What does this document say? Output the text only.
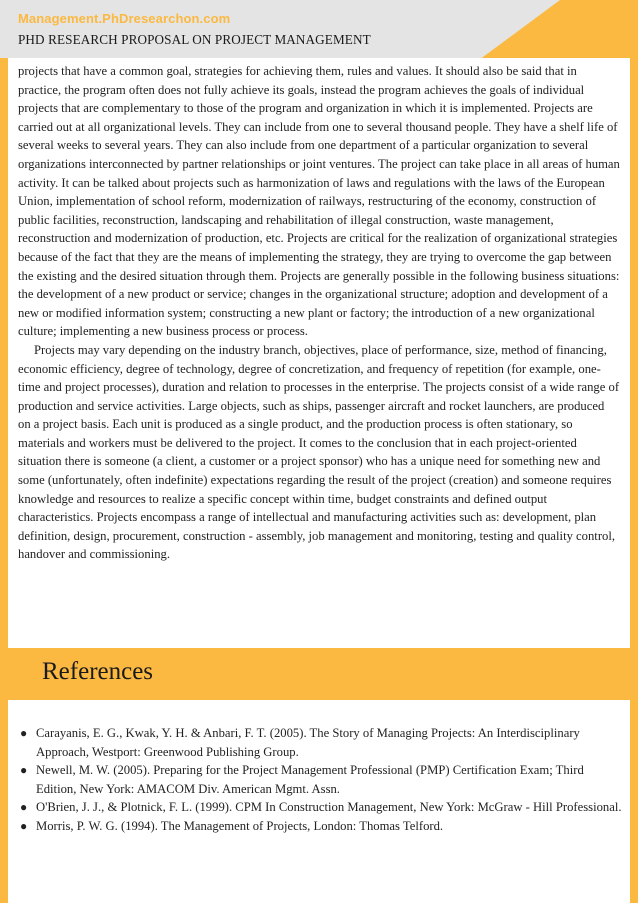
Management.PhDresearchon.com
PHD RESEARCH PROPOSAL ON PROJECT MANAGEMENT

projects that have a common goal, strategies for achieving them, rules and values. It should also be said that in practice, the program often does not fully achieve its goals, instead the program achieves the goals of individual projects that are complementary to those of the program and organization in which it is implemented. Projects are carried out at all organizational levels. They can include from one to several thousand people. They have a shelf life of several weeks to several years. They can also include from one department of a particular organization to several organizations interconnected by partner relationships or joint ventures. The project can take place in all areas of human activity. It can be talked about projects such as harmonization of laws and regulations with the laws of the European Union, implementation of school reform, modernization of railways, restructuring of the economy, construction of public facilities, reconstruction, landscaping and rehabilitation of illegal construction, waste management, reconstruction and modernization of production, etc. Projects are critical for the realization of organizational strategies because of the fact that they are the means of implementing the strategy, they are trying to overcome the gap between the existing and the desired situation through them. Projects are generally possible in the following business situations: the development of a new product or service; changes in the organizational structure; adoption and development of a new or modified information system; constructing a new plant or factory; the introduction of a new organizational culture; implementing a new business process or process.

Projects may vary depending on the industry branch, objectives, place of performance, size, method of financing, economic efficiency, degree of technology, degree of concretization, and frequency of repetition (for example, one-time and project processes), duration and relation to processes in the enterprise. The projects consist of a wide range of production and service activities. Large objects, such as ships, passenger aircraft and rocket launchers, are produced on a project basis. Each unit is produced as a single product, and the production process is often stationary, so materials and workers must be delivered to the project. It comes to the conclusion that in each project-oriented situation there is someone (a client, a customer or a project sponsor) who has a unique need for something new and some (unfortunately, often indefinite) expectations regarding the result of the project (creation) and someone requires knowledge and resources to realize a specific concept within time, budget constraints and defined output characteristics. Projects encompass a range of intellectual and manufacturing activities such as: development, plan definition, design, procurement, construction - assembly, job management and monitoring, testing and quality control, handover and commissioning.

References
● Carayanis, E. G., Kwak, Y. H. & Anbari, F. T. (2005). The Story of Managing Projects: An Interdisciplinary Approach, Westport: Greenwood Publishing Group.
● Newell, M. W. (2005). Preparing for the Project Management Professional (PMP) Certification Exam; Third Edition, New York: AMACOM Div. American Mgmt. Assn.
● O'Brien, J. J., & Plotnick, F. L. (1999). CPM In Construction Management, New York: McGraw - Hill Professional.
● Morris, P. W. G. (1994). The Management of Projects, London: Thomas Telford.
